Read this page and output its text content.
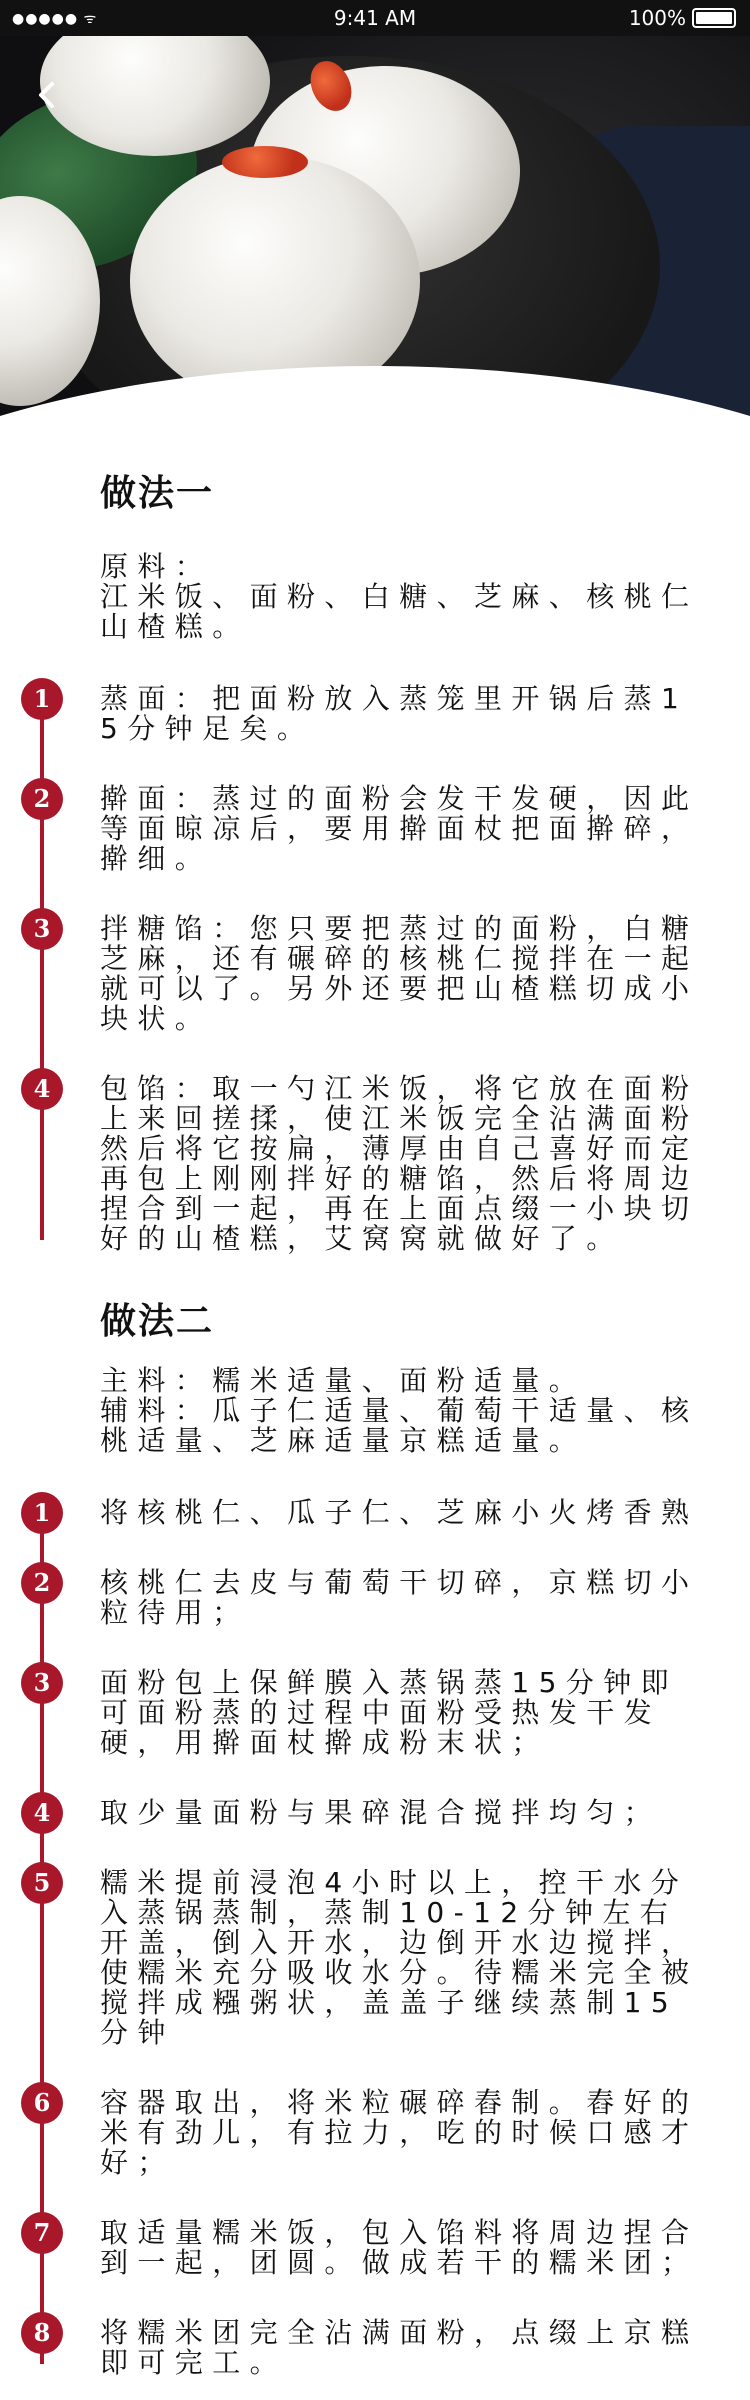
●●●●● ᯤ	9:41 AM	100%
做法一
原料：
江米饭、面粉、白糖、芝麻、核桃仁山楂糕。
1	蒸面：把面粉放入蒸笼里开锅后蒸15分钟足矣。
2	擀面：蒸过的面粉会发干发硬，因此等面晾凉后，要用擀面杖把面擀碎，擀细。
3	拌糖馅：您只要把蒸过的面粉，白糖芝麻，还有碾碎的核桃仁搅拌在一起就可以了。另外还要把山楂糕切成小块状。
4	包馅：取一勺江米饭，将它放在面粉上来回搓揉，使江米饭完全沾满面粉然后将它按扁，薄厚由自己喜好而定再包上刚刚拌好的糖馅，然后将周边捏合到一起，再在上面点缀一小块切好的山楂糕，艾窝窝就做好了。
做法二
主料：糯米适量、面粉适量。
辅料：瓜子仁适量、葡萄干适量、核桃适量、芝麻适量京糕适量。
1	将核桃仁、瓜子仁、芝麻小火烤香熟
2	核桃仁去皮与葡萄干切碎，京糕切小粒待用；
3	面粉包上保鲜膜入蒸锅蒸15分钟即可面粉蒸的过程中面粉受热发干发硬，用擀面杖擀成粉末状；
4	取少量面粉与果碎混合搅拌均匀；
5	糯米提前浸泡4小时以上，控干水分入蒸锅蒸制，蒸制10-12分钟左右开盖，倒入开水，边倒开水边搅拌，使糯米充分吸收水分。待糯米完全被搅拌成糨粥状，盖盖子继续蒸制15分钟
6	容器取出，将米粒碾碎舂制。舂好的米有劲儿，有拉力，吃的时候口感才好；
7	取适量糯米饭，包入馅料将周边捏合到一起，团圆。做成若干的糯米团；
8	将糯米团完全沾满面粉，点缀上京糕即可完工。
